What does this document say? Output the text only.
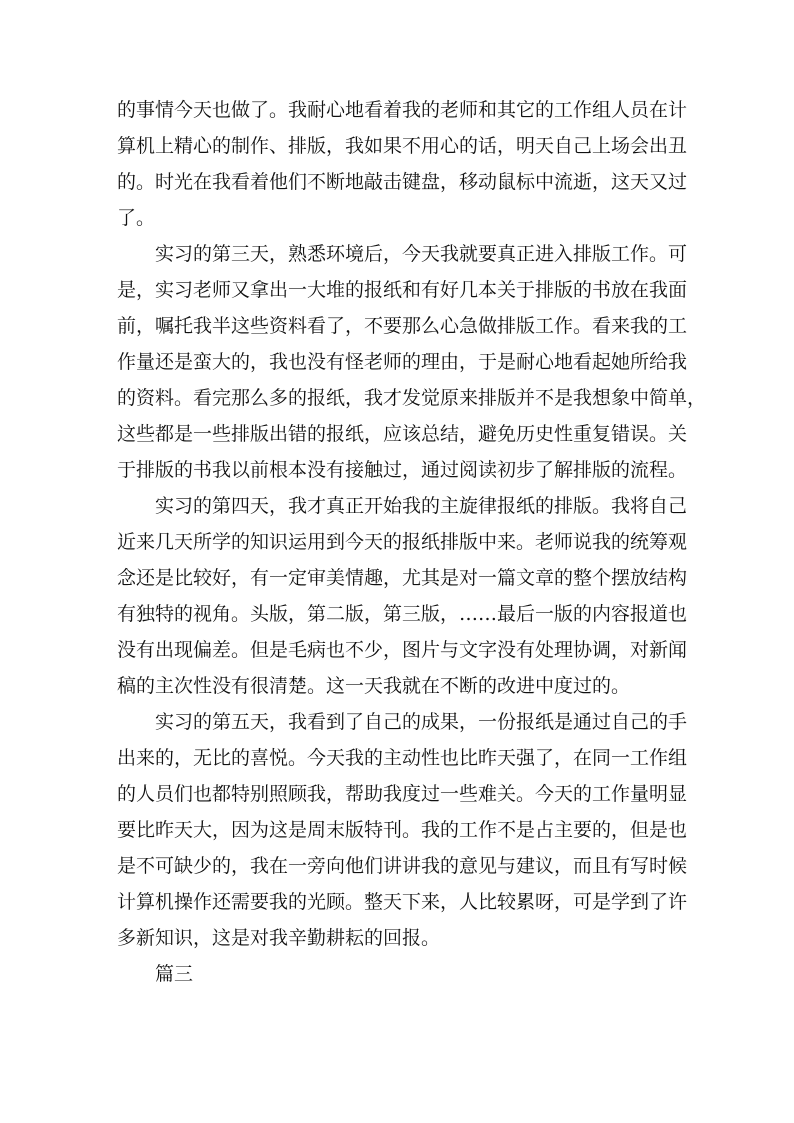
的事情今天也做了。我耐心地看着我的老师和其它的工作组人员在计
算机上精心的制作、排版，我如果不用心的话，明天自己上场会出丑
的。时光在我看着他们不断地敲击键盘，移动鼠标中流逝，这天又过
了。
实习的第三天，熟悉环境后，今天我就要真正进入排版工作。可
是，实习老师又拿出一大堆的报纸和有好几本关于排版的书放在我面
前，嘱托我半这些资料看了，不要那么心急做排版工作。看来我的工
作量还是蛮大的，我也没有怪老师的理由，于是耐心地看起她所给我
的资料。看完那么多的报纸，我才发觉原来排版并不是我想象中简单，
这些都是一些排版出错的报纸，应该总结，避免历史性重复错误。关
于排版的书我以前根本没有接触过，通过阅读初步了解排版的流程。
实习的第四天，我才真正开始我的主旋律报纸的排版。我将自己
近来几天所学的知识运用到今天的报纸排版中来。老师说我的统筹观
念还是比较好，有一定审美情趣，尤其是对一篇文章的整个摆放结构
有独特的视角。头版，第二版，第三版，……最后一版的内容报道也
没有出现偏差。但是毛病也不少，图片与文字没有处理协调，对新闻
稿的主次性没有很清楚。这一天我就在不断的改进中度过的。
实习的第五天，我看到了自己的成果，一份报纸是通过自己的手
出来的，无比的喜悦。今天我的主动性也比昨天强了，在同一工作组
的人员们也都特别照顾我，帮助我度过一些难关。今天的工作量明显
要比昨天大，因为这是周末版特刊。我的工作不是占主要的，但是也
是不可缺少的，我在一旁向他们讲讲我的意见与建议，而且有写时候
计算机操作还需要我的光顾。整天下来，人比较累呀，可是学到了许
多新知识，这是对我辛勤耕耘的回报。
篇三
